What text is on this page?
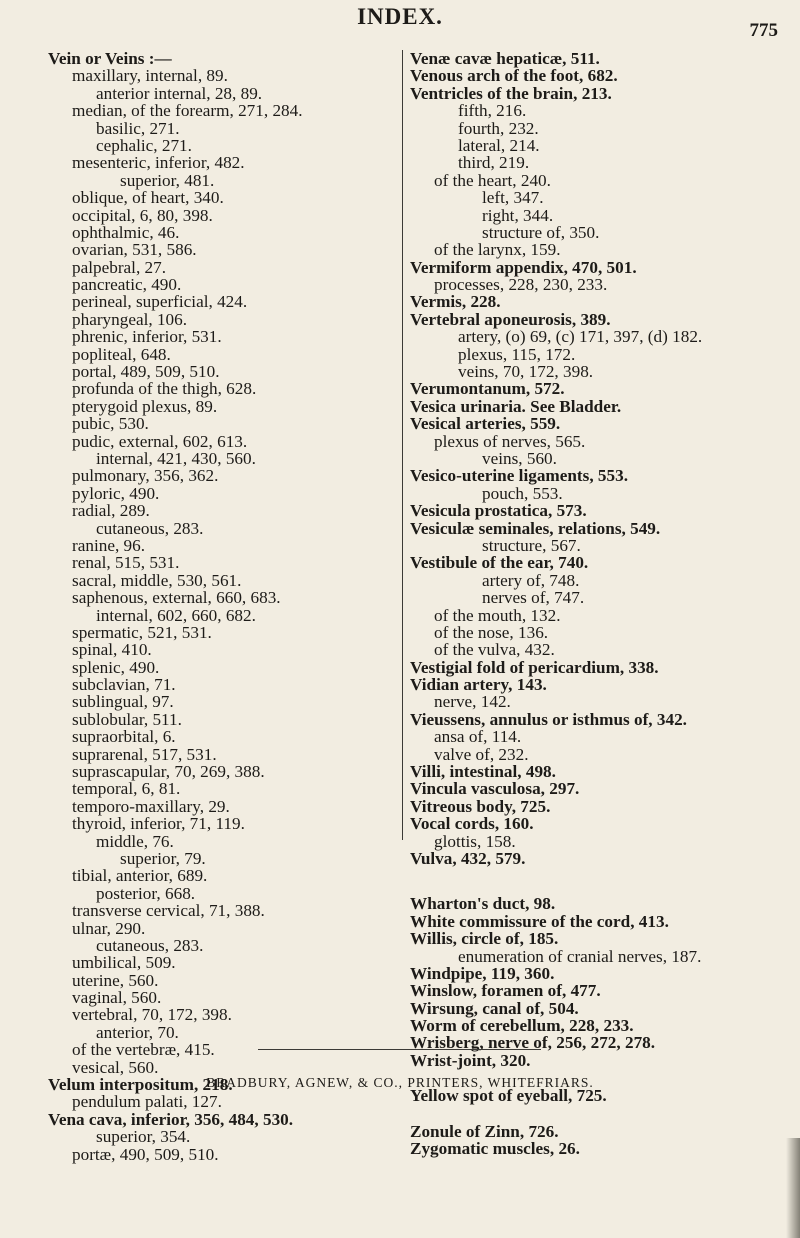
INDEX.
775
Vein or Veins :—
maxillary, internal, 89.
anterior internal, 28, 89.
median, of the forearm, 271, 284.
basilic, 271.
cephalic, 271.
mesenteric, inferior, 482.
superior, 481.
oblique, of heart, 340.
occipital, 6, 80, 398.
ophthalmic, 46.
ovarian, 531, 586.
palpebral, 27.
pancreatic, 490.
perineal, superficial, 424.
pharyngeal, 106.
phrenic, inferior, 531.
popliteal, 648.
portal, 489, 509, 510.
profunda of the thigh, 628.
pterygoid plexus, 89.
pubic, 530.
pudic, external, 602, 613.
internal, 421, 430, 560.
pulmonary, 356, 362.
pyloric, 490.
radial, 289.
cutaneous, 283.
ranine, 96.
renal, 515, 531.
sacral, middle, 530, 561.
saphenous, external, 660, 683.
internal, 602, 660, 682.
spermatic, 521, 531.
spinal, 410.
splenic, 490.
subclavian, 71.
sublingual, 97.
sublobular, 511.
supraorbital, 6.
suprarenal, 517, 531.
suprascapular, 70, 269, 388.
temporal, 6, 81.
temporo-maxillary, 29.
thyroid, inferior, 71, 119.
middle, 76.
superior, 79.
tibial, anterior, 689.
posterior, 668.
transverse cervical, 71, 388.
ulnar, 290.
cutaneous, 283.
umbilical, 509.
uterine, 560.
vaginal, 560.
vertebral, 70, 172, 398.
anterior, 70.
of the vertebræ, 415.
vesical, 560.
Velum interpositum, 218.
pendulum palati, 127.
Vena cava, inferior, 356, 484, 530.
superior, 354.
portæ, 490, 509, 510.
Venæ cavæ hepaticæ, 511.
Venous arch of the foot, 682.
Ventricles of the brain, 213.
fifth, 216.
fourth, 232.
lateral, 214.
third, 219.
of the heart, 240.
left, 347.
right, 344.
structure of, 350.
of the larynx, 159.
Vermiform appendix, 470, 501.
processes, 228, 230, 233.
Vermis, 228.
Vertebral aponeurosis, 389.
artery, (o) 69, (c) 171, 397, (d) 182.
plexus, 115, 172.
veins, 70, 172, 398.
Verumontanum, 572.
Vesica urinaria. See Bladder.
Vesical arteries, 559.
plexus of nerves, 565.
veins, 560.
Vesico-uterine ligaments, 553.
pouch, 553.
Vesicula prostatica, 573.
Vesiculæ seminales, relations, 549.
structure, 567.
Vestibule of the ear, 740.
artery of, 748.
nerves of, 747.
of the mouth, 132.
of the nose, 136.
of the vulva, 432.
Vestigial fold of pericardium, 338.
Vidian artery, 143.
nerve, 142.
Vieussens, annulus or isthmus of, 342.
ansa of, 114.
valve of, 232.
Villi, intestinal, 498.
Vincula vasculosa, 297.
Vitreous body, 725.
Vocal cords, 160.
glottis, 158.
Vulva, 432, 579.
Wharton's duct, 98.
White commissure of the cord, 413.
Willis, circle of, 185.
enumeration of cranial nerves, 187.
Windpipe, 119, 360.
Winslow, foramen of, 477.
Wirsung, canal of, 504.
Worm of cerebellum, 228, 233.
Wrisberg, nerve of, 256, 272, 278.
Wrist-joint, 320.
Yellow spot of eyeball, 725.
Zonule of Zinn, 726.
Zygomatic muscles, 26.
BRADBURY, AGNEW, & CO., PRINTERS, WHITEFRIARS.
